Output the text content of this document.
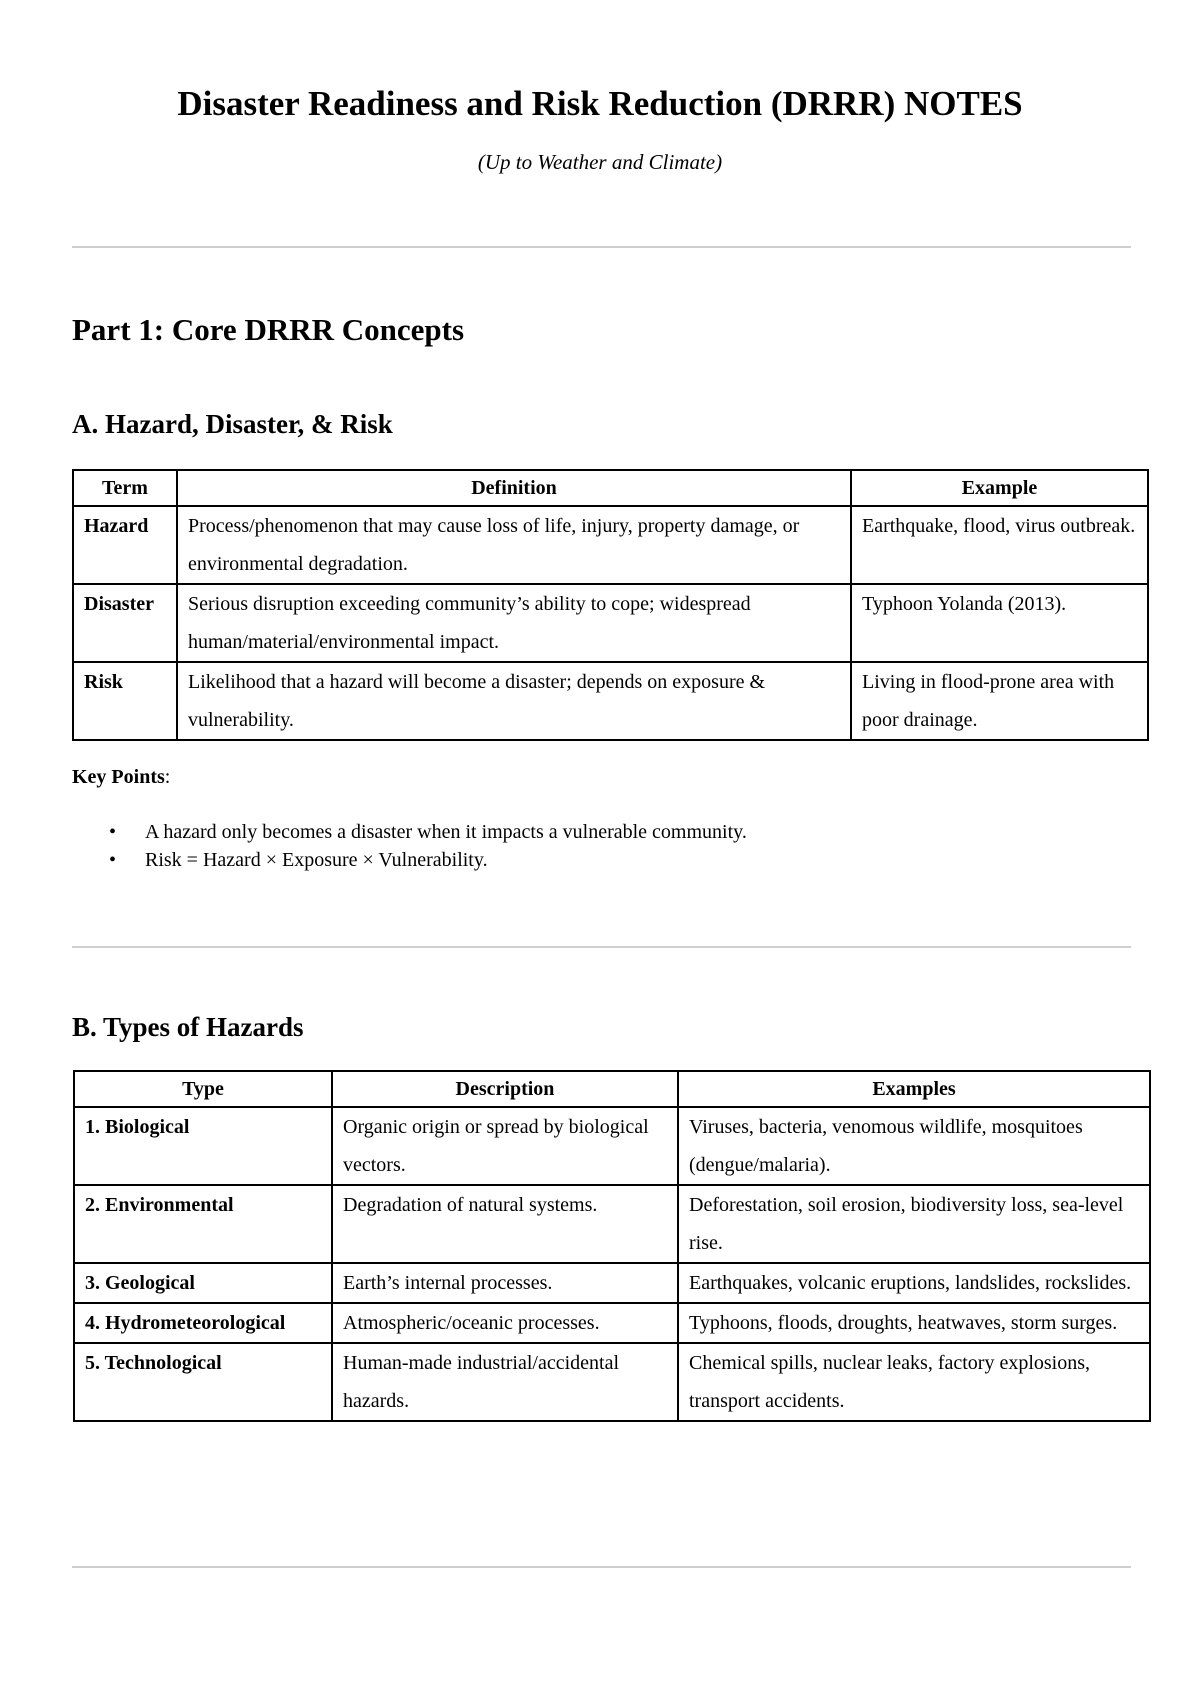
Disaster Readiness and Risk Reduction (DRRR) NOTES
(Up to Weather and Climate)
Part 1: Core DRRR Concepts
A. Hazard, Disaster, & Risk
Term	Definition	Example
Hazard	Process/phenomenon that may cause loss of life, injury, property damage, or environmental degradation.	Earthquake, flood, virus outbreak.
Disaster	Serious disruption exceeding community’s ability to cope; widespread human/material/environmental impact.	Typhoon Yolanda (2013).
Risk	Likelihood that a hazard will become a disaster; depends on exposure & vulnerability.	Living in flood-prone area with poor drainage.
Key Points:
• A hazard only becomes a disaster when it impacts a vulnerable community.
• Risk = Hazard × Exposure × Vulnerability.
B. Types of Hazards
Type	Description	Examples
1. Biological	Organic origin or spread by biological vectors.	Viruses, bacteria, venomous wildlife, mosquitoes (dengue/malaria).
2. Environmental	Degradation of natural systems.	Deforestation, soil erosion, biodiversity loss, sea-level rise.
3. Geological	Earth’s internal processes.	Earthquakes, volcanic eruptions, landslides, rockslides.
4. Hydrometeorological	Atmospheric/oceanic processes.	Typhoons, floods, droughts, heatwaves, storm surges.
5. Technological	Human-made industrial/accidental hazards.	Chemical spills, nuclear leaks, factory explosions, transport accidents.
